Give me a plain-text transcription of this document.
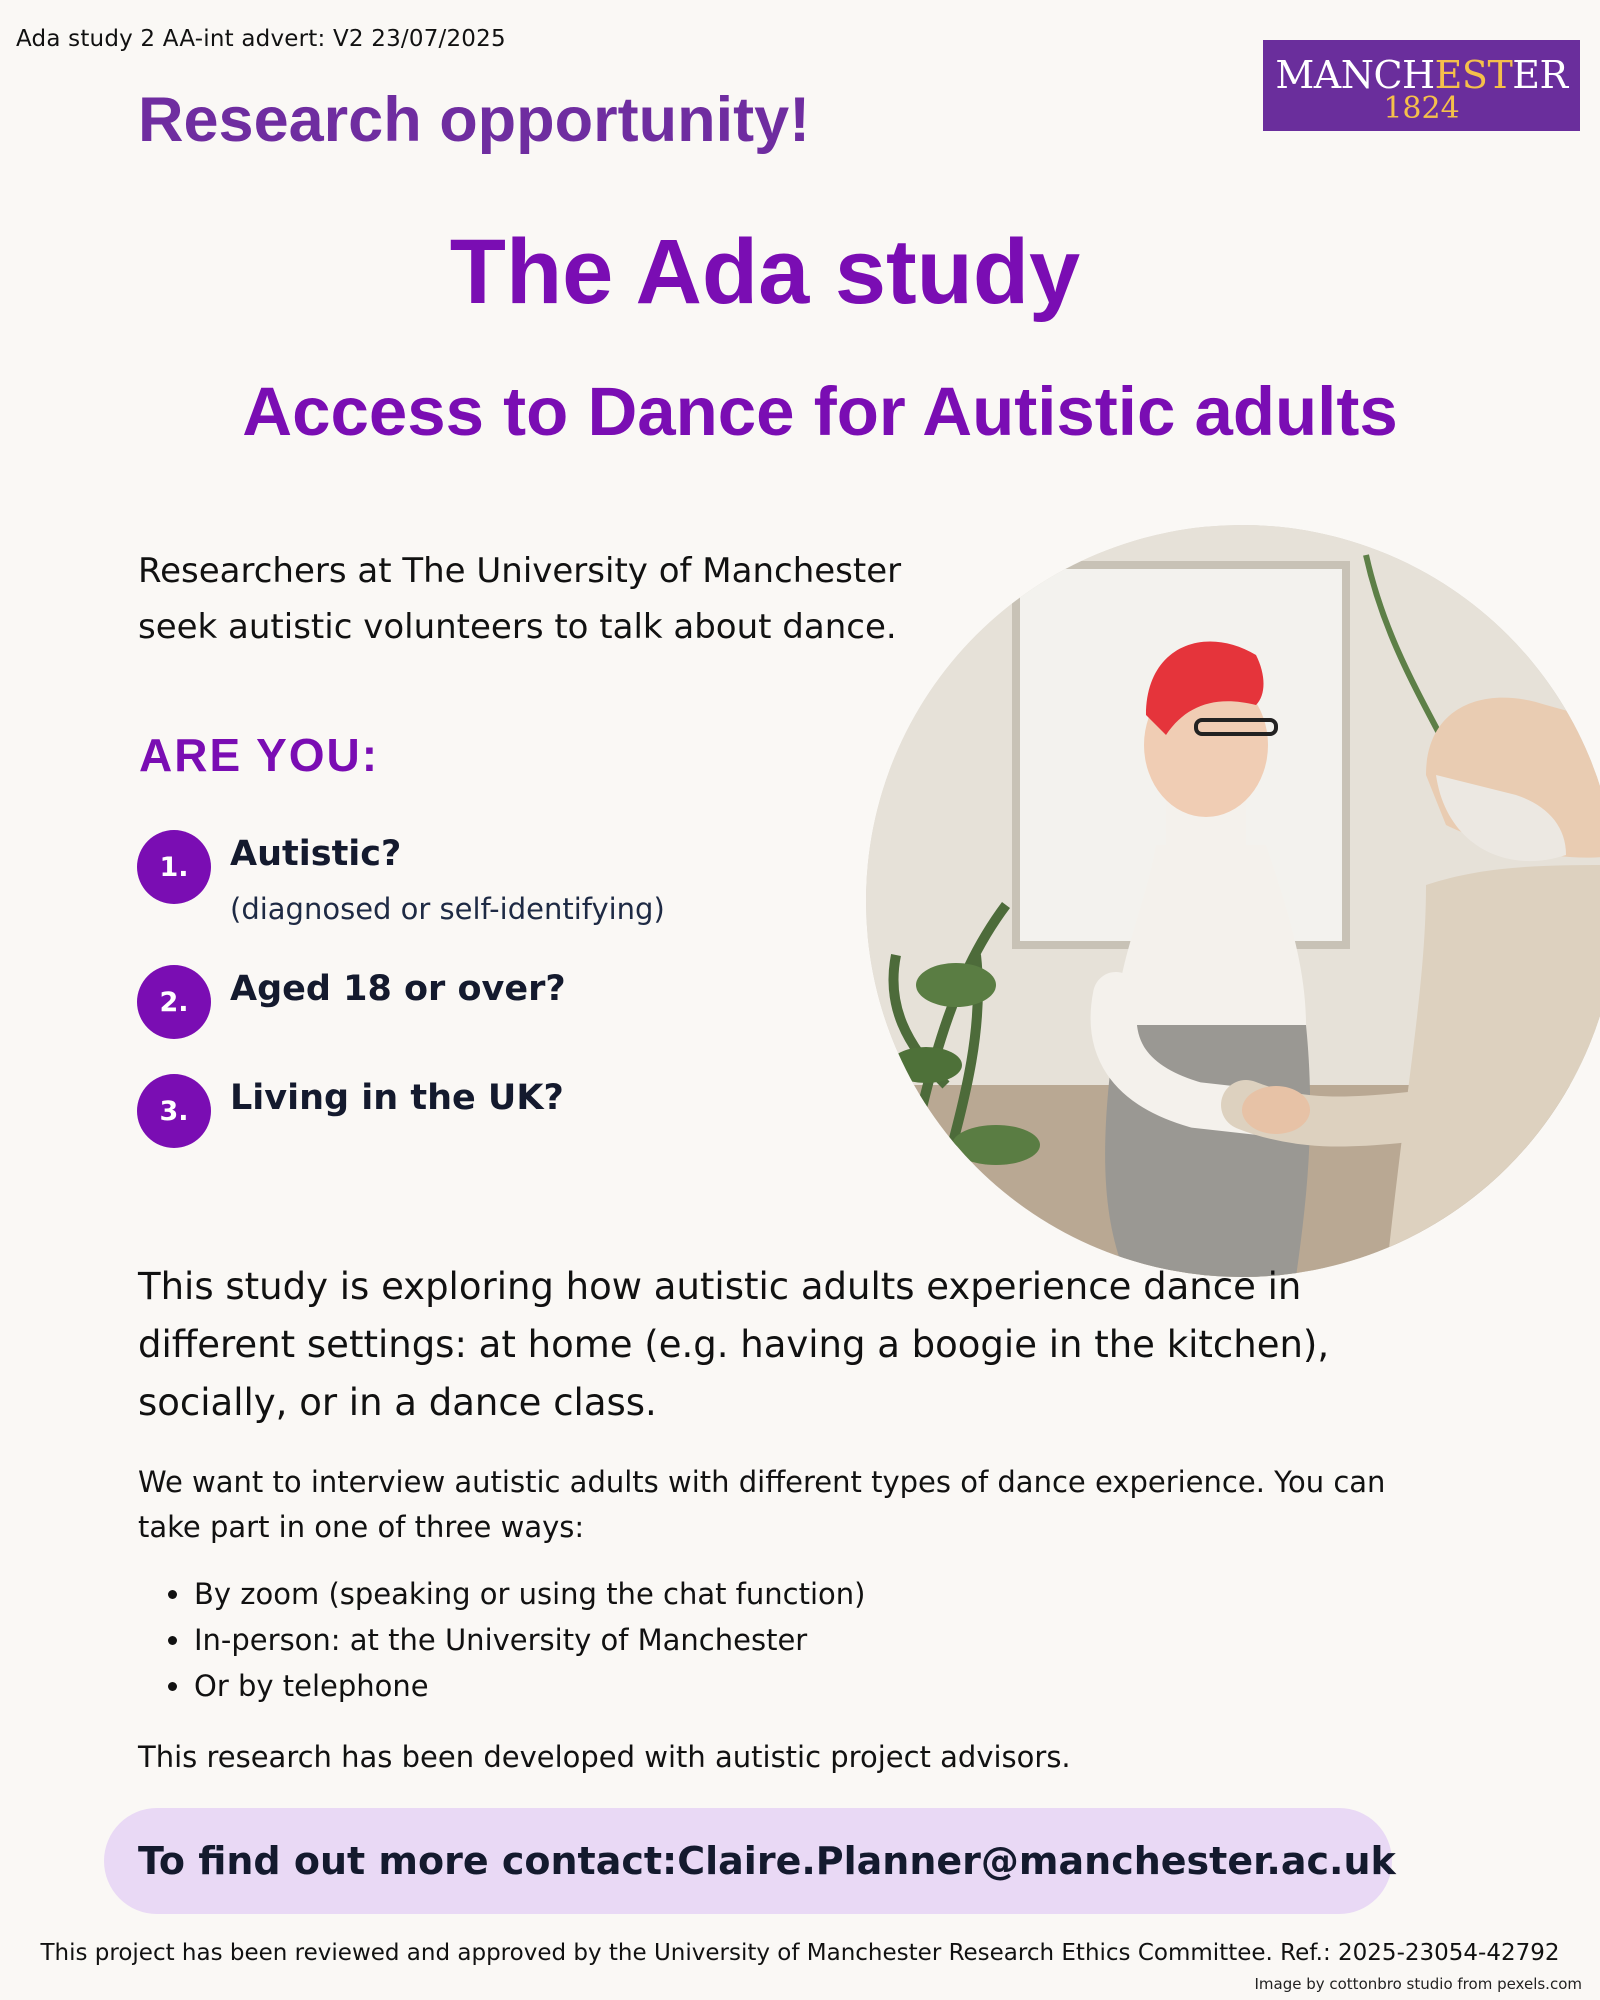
Ada study 2 AA-int advert: V2 23/07/2025
MANCHESTER
1824
Research opportunity!
The Ada study
Access to Dance for Autistic adults
Researchers at The University of Manchester
seek autistic volunteers to talk about dance.
ARE YOU:
1.	Autistic?
(diagnosed or self-identifying)
2.	Aged 18 or over?
3.	Living in the UK?
This study is exploring how autistic adults experience dance in different settings: at home (e.g. having a boogie in the kitchen), socially, or in a dance class.
We want to interview autistic adults with different types of dance experience. You can take part in one of three ways:
By zoom (speaking or using the chat function)
In-person: at the University of Manchester
Or by telephone
This research has been developed with autistic project advisors.
To find out more contact: Claire.Planner@manchester.ac.uk
This project has been reviewed and approved by the University of Manchester Research Ethics Committee. Ref.: 2025-23054-42792
Image by cottonbro studio from pexels.com
